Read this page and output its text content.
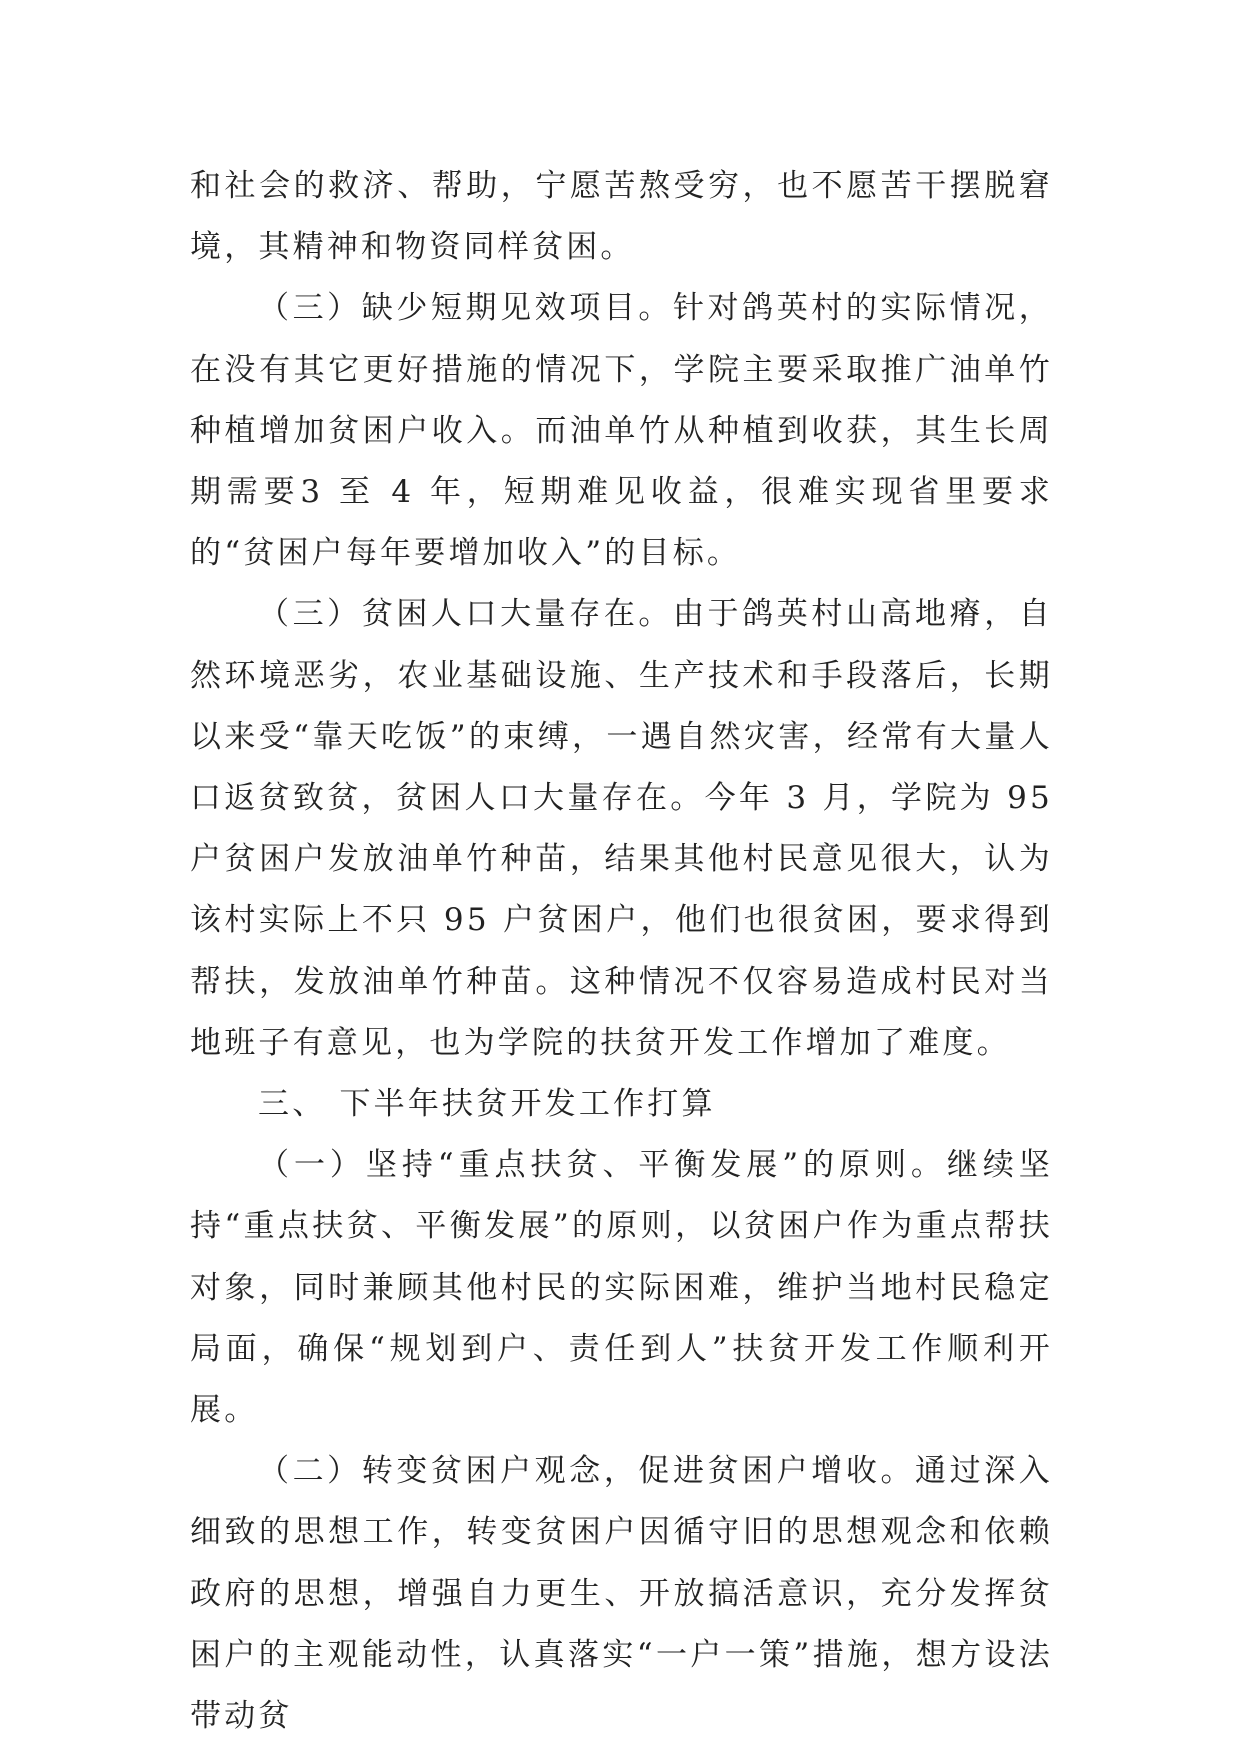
和社会的救济、帮助，宁愿苦熬受穷，也不愿苦干摆脱窘境，其精神和物资同样贫困。

（三）缺少短期见效项目。针对鸽英村的实际情况，在没有其它更好措施的情况下，学院主要采取推广油单竹种植增加贫困户收入。而油单竹从种植到收获，其生长周期需要3 至 4 年，短期难见收益，很难实现省里要求的“贫困户每年要增加收入”的目标。

（三）贫困人口大量存在。由于鸽英村山高地瘠，自然环境恶劣，农业基础设施、生产技术和手段落后，长期以来受“靠天吃饭”的束缚，一遇自然灾害，经常有大量人口返贫致贫，贫困人口大量存在。今年 3 月，学院为 95 户贫困户发放油单竹种苗，结果其他村民意见很大，认为该村实际上不只 95 户贫困户，他们也很贫困，要求得到帮扶，发放油单竹种苗。这种情况不仅容易造成村民对当地班子有意见，也为学院的扶贫开发工作增加了难度。

三、 下半年扶贫开发工作打算

（一）坚持“重点扶贫、平衡发展”的原则。继续坚持“重点扶贫、平衡发展”的原则，以贫困户作为重点帮扶对象，同时兼顾其他村民的实际困难，维护当地村民稳定局面，确保“规划到户、责任到人”扶贫开发工作顺利开展。

（二）转变贫困户观念，促进贫困户增收。通过深入细致的思想工作，转变贫困户因循守旧的思想观念和依赖政府的思想，增强自力更生、开放搞活意识，充分发挥贫困户的主观能动性，认真落实“一户一策”措施，想方设法带动贫
